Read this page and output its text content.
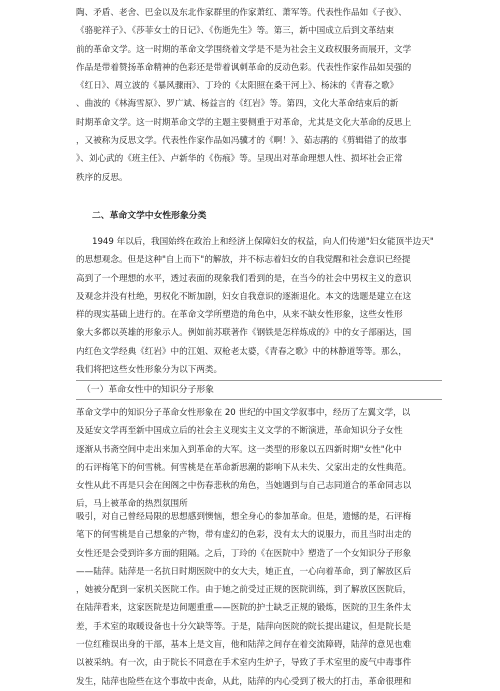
陶、矛盾、老舍、巴金以及东北作家群里的作家萧红、萧军等。代表性作品如《子夜》、
《骆驼祥子》、《莎菲女士的日记》、《伤逝先生》等。第三，新中国成立后到文革结束
前的革命文学。这一时期的革命文学围绕着文学是不是为社会主义政权服务而展开，文学
作品是带着赞扬革命精神的色彩还是带着讽刺革命的反动色彩。代表性作家作品如吴强的
《红日》、周立波的《暴风骤雨》、丁玲的《太阳照在桑干河上》、杨沫的《青春之歌》
、曲波的《林海雪原》、罗广斌、杨益言的《红岩》等。第四，文化大革命结束后的新
时期革命文学。这一时期革命文学的主题主要侧重于对革命，尤其是文化大革命的反思上
，又被称为反思文学。代表性作家作品如冯骥才的《啊！》、茹志鹃的《剪辑错了的故事
》、刘心武的《班主任》、卢新华的《伤痕》等。呈现出对革命理想人性、损坏社会正常
秩序的反思。
二、革命文学中女性形象分类
1949 年以后，我国始终在政治上和经济上保障妇女的权益，向人们传递"妇女能顶半边天"
的思想观念。但是这种"自上而下"的解放，并不标志着妇女的自我觉醒和社会意识已经提
高到了一个理想的水平，透过表面的现象我们看到的是，在当今的社会中男权主义的意识
及观念并没有杜绝，男权化不断加剧，妇女自我意识的逐渐退化。本文的选题是建立在这
样的现实基础上进行的。在革命文学所塑造的角色中，从来不缺女性形象，这些女性形
象大多都以英雄的形象示人。例如前苏联著作《钢铁是怎样炼成的》中的女子部丽达，国
内红色文学经典《红岩》中的江姐、双枪老太婆，《青春之歌》中的林静道等等。那么，
我们将把这些女性形象分为以下两类。
（一）革命女性中的知识分子形象
革命文学中的知识分子革命女性形象在 20 世纪的中国文学叙事中，经历了左翼文学，以
及延安文学再至新中国成立后的社会主义现实主义文学的不断演进，革命知识分子女性
逐渐从书斋空间中走出来加入到革命的大军。这一类型的形象以五四新时期"女性"化中
的石评梅笔下的何雪桃。何雪桃是在革命新思潮的影响下从未失、父家出走的女性典范。
女性从此不再是只会在闺阁之中伤春悲秋的角色，当她遇到与自己志同道合的革命同志以
后，马上被革命的热烈氛围所
吸引，对自己曾经局限的思想感到懊恼，想全身心的参加革命。但是，遗憾的是，石评梅
笔下的何雪桃是自己想象的产物，带有虚幻的色彩，没有太大的说服力，而且当时出走的
女性还是会受到许多方面的阻隔。之后，丁玲的《在医院中》塑造了一个女知识分子形象
——陆萍。陆萍是一名抗日时期医院中的女大夫，她正直，一心向着革命，到了解放区后
，她被分配到一家机关医院工作。由于她之前受过正规的医院训练，到了解放区医院后，
在陆萍看来，这家医院是边间题重重——医院的护士缺乏正规的锻炼，医院的卫生条件太
差，手术室的取暖设备也十分欠缺等等。于是，陆萍向医院的院长提出建议，但是院长是
一位红稚误出身的干部，基本上是文盲，他和陆萍之间存在着交流障碍，陆萍的意见也难
以被采纳。有一次，由于院长不同意在手术室内生炉子，导致了手术室里的废气中毒事件
发生，陆萍也险些在这个事故中丧命，从此，陆萍的内心受到了极大的打击，革命很理和
